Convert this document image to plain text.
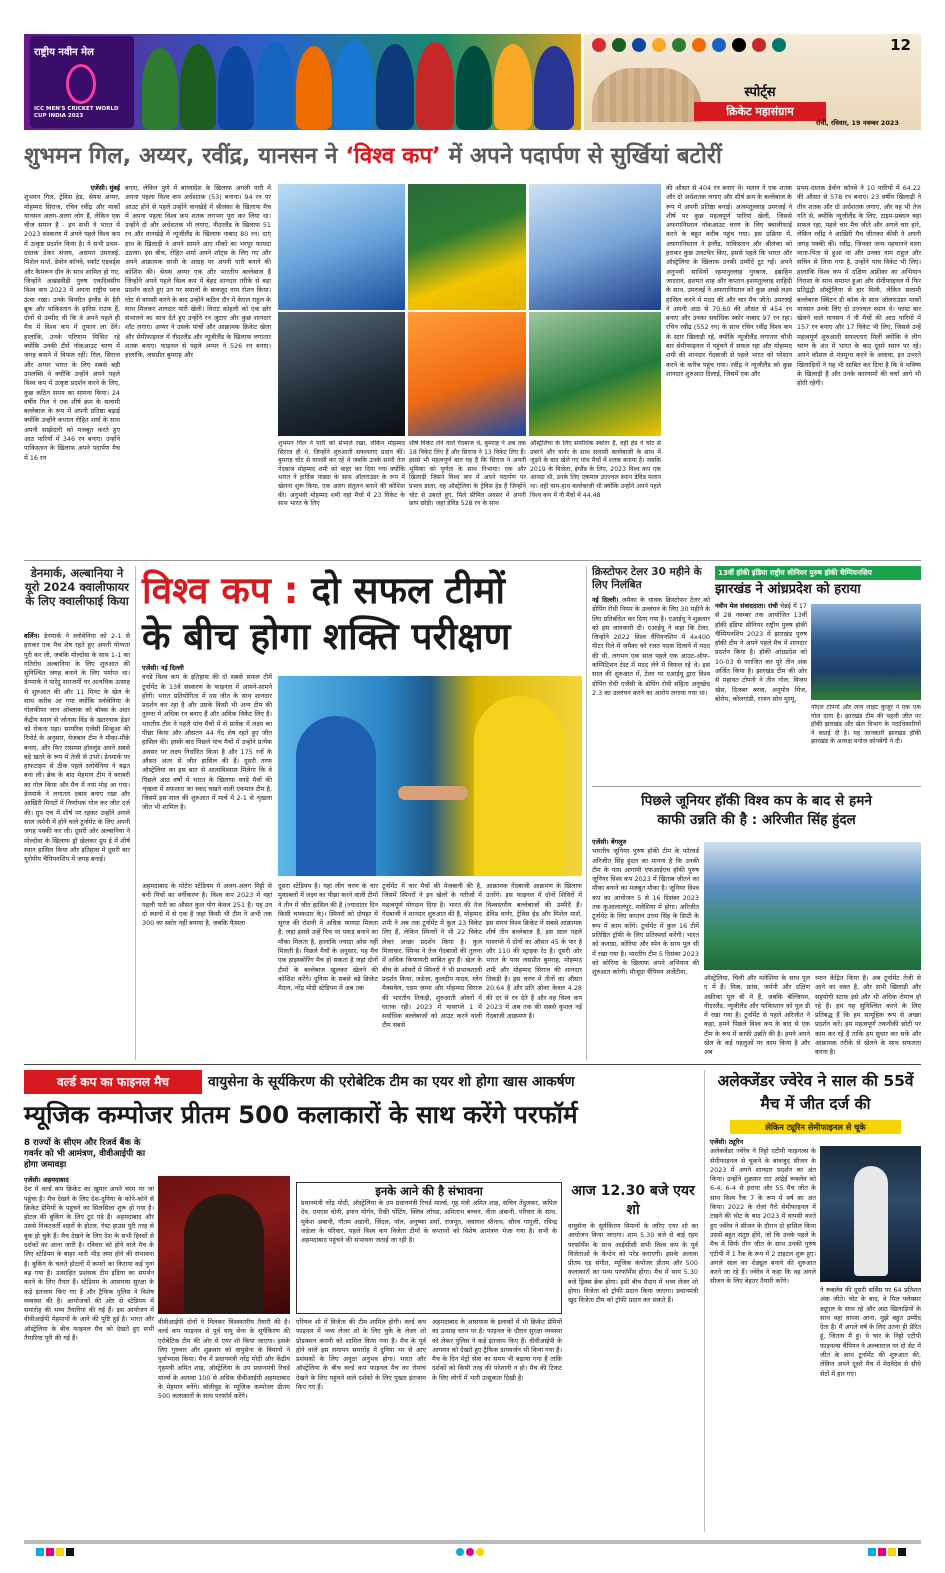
राष्ट्रीय नवीन मेल
ICC MEN'S CRICKET WORLD CUP INDIA 2023
12
स्पोर्ट्स
क्रिकेट महासंग्राम
रांची, रविवार, 19 नवम्बर 2023
शुभमन गिल, अय्यर, रवींद्र, यानसन ने ‘विश्व कप’ में अपने पदार्पण से सुर्खियां बटोरीं
एजेंसी। मुंबई
शुभमन गिल, ट्रेविस हेड, श्रेयस अय्यर, मोहम्मद सिराज, रचिन रवींद्र और मार्को यानसन अलग-अलग लोग हैं, लेकिन एक चीज समान है - इन सभी ने भारत में 2023 संस्करण में अपने पहले विश्व कप में उत्कृष्ट प्रदर्शन किया है। ये सभी प्रथम-दस्तक देकर संजय, असमत उमरजई, मिशेल मार्श, डेवोन कॉनवे, स्कॉट एडवर्ड्स और कैमरून ग्रीन के साथ शामिल हो गए, जिन्होंने अखंडवीडी पुरुष एकदिवसीय विश्व कप 2023 में अपना राष्ट्रीय ध्वज ऊंचा रखा। उनके विपरीत इंग्लैंड के हैरी ब्रूक और पाकिस्तान के हारिस राउफ हैं, दोनों से उम्मीद थी कि वे अपने पहले ही मैच में विश्व कप में तूफान ला देंगे। हालांकि, उनके परिणाम मिश्रित रहे क्योंकि उनकी टीमें नॉकआउट चरण में जगह बनाने में विफल रहीं। गिल, सिराज और अय्यर भारत के लिए सबसे बड़ी उपलब्धि थे क्योंकि उन्होंने अपने पहले विश्व कप में उत्कृष्ट प्रदर्शन करने के लिए, कुछ कठिन समय का सामना किया। 24 वर्षीय गिल ने एक शीर्ष क्रम के सलामी बल्लेबाज के रूप में अपनी प्रतिष्ठा बढ़ाई क्योंकि उन्होंने कप्तान रोहित शर्मा के साथ अपनी साझेदारी को मजबूत करते हुए आठ पारियों में 346 रन बनाए। उन्होंने पाकिस्तान के खिलाफ अपने पदार्पण मैच में 16 रन
बनाए, लेकिन पुणे में बांग्लादेश के खिलाफ अगली पारी में अपना पहला विश्व कप अर्धशतक (53) बनाया। 94 रन पर आउट होने से पहले उन्होंने वानखेड़े में श्रीलंका के खिलाफ मैच में अपना पहला विश्व कप शतक लगभग पूरा कर लिया था। उन्होंने दो और अर्धशतक भी लगाए, नीदरलैंड के खिलाफ 51 रन और वानखेड़े में न्यूजीलैंड के खिलाफ नाबाद 80 रन। दाएं हाथ के खिलाड़ी ने अपने सामने आए मौकों का भरपूर फायदा उठाया। इस बीच, रोहित शर्मा अपने शॉट्स के लिए गए और अपने आक्रामक साथी के आग्रह पर अपनी पारी बनाने की कोशिश की। श्रेयस अय्यर एक और भारतीय बल्लेबाज हैं जिन्होंने अपने पहले विश्व कप में बेहद शानदार तरीके से बड़ा प्रदर्शन करते हुए उन पर सवालों के बावजूद नाम रोशन किया। घोट से वापसी करने के बाद उन्होंने कठिन दौर में केएल राहुल के साथ मिलकर शानदार पारी खेली। विराट कोहली को एक छोर संभालने का साथ देते हुए उन्होंने रन जुटाए और कुछ शानदार शॉट लगाए। अय्यर ने उसके पांचों और आक्रामक क्रिकेट खेला और सेमीफाइनल में नीदरलैंड और न्यूजीलैंड के खिलाफ लगातार शतक बनाए। फाइनल से पहले अय्यर ने 526 रन बनाए। हालांकि, जसप्रीत बुमराह और
शुभमन गिल ने पारी को संभाले रखा, लेकिन मोहम्मद सिराज ही थे, जिन्होंने शुरुआती सफलताएं प्रदान कीं। बुमराह चोट से वापसी कर रहे थे जबकि उनके साथी तेज गेंदबाज मोहम्मद शमी को बाहर कर दिया गया क्योंकि भारत ने हार्दिक पांड्या के साथ ऑलराउंडर के रूप में खेलना शुरू किया, एक अलग संतुलन बनाने की कोशिश की। अनुभवी मोहम्मद शमी वहां मैचों में 23 विकेट के साथ भारत के लिए
शीर्ष विकेट लेने वाले गेंदबाज थे, बुमराह ने अब तक 18 विकेट लिए हैं और सिराज ने 13 विकेट लिए हैं। इससे भी महत्वपूर्ण बात यह है कि सिराज ने अपनी भूमिका को पूर्णता के साथ निभाया। एक और खिलाड़ी जिसने विश्व कप में अपने पदार्पण पर प्रभाव डाला, वह ऑस्ट्रेलिया के ट्रेविस हेड हैं जिन्होंने चोट से उबरते हुए, मिले सीमित अवसर में अपनी छाप छोड़ी। जहां डेविड 528 रन के साथ
ऑस्ट्रेलिया के लिए सर्वाधिक स्कोरर हैं, वहीं हेड ने चोट से उबरने और वार्नर के साथ सलामी बल्लेबाजी के साथ में जुड़ने के बाद खेले गए पांच मैचों में शतक बनाया है। जबकि 2019 के विजेता, इंग्लैंड के लिए, 2023 विश्व कप एक आपदा थी, उनके लिए एकमात्र उज्ज्वल स्थान डेविड मलान था। वही वाम-हाथ बल्लेबाजी थी क्योंकि उन्होंने अपने पहले विश्व कप में नौ मैचों में 44.48
की औसत से 404 रन बनाए थे। मलान ने एक शतक और दो अर्धशतक लगाए और शीर्ष क्रम के बल्लेबाज के रूप में अपनी प्रतिष्ठा बनाई। अजमतुल्लाह उमरजई ने शीर्ष पर कुछ महत्वपूर्ण पारियां खेलीं, जिससे अफगानिस्तान नॉकआउट चरण के लिए क्वालीफाई करने के बहुत करीब पहुंच गया। इस प्रक्रिया में, अफगानिस्तान ने इंग्लैंड, पाकिस्तान और श्रीलंका को हराकर कुछ उलटफेर किए, इससे पहले कि भारत और ऑस्ट्रेलिया के खिलाफ उनकी उम्मीदें टूट गईं। अपने अनुभवी साथियों रहमानुल्लाह गुरबाज, इब्राहिम जादरान, हशमत शाह और कप्तान हशमतुल्लाह शाहिदी के साथ, उमरजई ने अफगानिस्तान को कुछ अच्छे लक्ष्य हासिल करने में मदद की और चार मैच जीते। उमरजई ने अपनी आठ से 70.60 की औसत से 454 रन बनाए और उनका सर्वाधिक स्कोर नाबाद 97 रन रहा। रचिन रवींद्र (552 रन) के साथ रचिन रवींद्र विश्व कप के स्टार खिलाड़ी रहे, क्योंकि न्यूजीलैंड लगातार चौथी बार सेमीफाइनल में पहुंचने में सफल रहा और मोहम्मद शमी की शानदार गेंदबाजी से पहले भारत को परेशान करने के करीब पहुंच गया। रवींद्र ने न्यूजीलैंड को कुछ शानदार शुरुआत दिलाई, जिसमें एक और
प्रथम-दस्तक डेवोन कॉनवे ने 10 पारियों में 64.22 की औसत से 578 रन बनाए। 23 वर्षीय खिलाड़ी ने तीन शतक और दो अर्धशतक लगाए, और वह भी तेज गति से, क्योंकि न्यूजीलैंड के लिए, टाइम-प्रबंधन बहा सफल रहा, पहले चार मैच जीते और अगले चार हारे, लेकिन रवींद्र ने आखिरी मैच जीतकर कीवी ने अपनी जगह पक्की की। रवींद्र, जिनका जन्म पहचानने वाला माता-पिता से हुआ था और उनका नाम राहुल और सचिन से लिया गया है, उन्होंने पांच विकेट भी लिए। हालांकि विश्व कप में दक्षिण अफ्रीका का अभियान निराशा के साथ समाप्त हुआ और सेमीफाइनल में फिर प्रतिद्वंद्वी ऑस्ट्रेलिया से हार मिली, लेकिन सलामी बल्लेबाज क्विंटन डी कॉक के साथ ऑलराउंडर मार्को यानसन उनके लिए दो उज्ज्वल स्थान थे। फास्ट बार खेलने वाले यानसन ने नौ मैचों की आठ पारियों में 157 रन बनाए और 17 विकेट भी लिए, जिससे उन्हें महत्वपूर्ण शुरुआती सफलताएं मिलीं क्योंकि वे लीग चरण के अंत में भारत के बाद दूसरे स्थान पर रहे। अपने कौशल से मंत्रमुग्ध करने के अलावा, इन उभरते खिलाड़ियों ने यह भी साबित कर दिया है कि वे भविष्य के खिलाड़ी हैं और उनके कारनामों की चर्चा आगे भी होती रहेगी।
डेनमार्क, अल्बानिया ने यूरो 2024 क्वालीफायर के लिए क्वालीफाई किया
बर्लिन। डेनमार्क ने स्लोवेनिया को 2-1 से हराकर एक मैच शेष रहते हुए अपनी योग्यता पूरी कर ली, जबकि मोल्दोवा के साथ 1-1 का गतिरोध अल्बानिया के लिए शुरुआत की सुनिश्चित जगह बनाने के लिए पर्याप्त था। डेनमार्क ने पारेंदु सराजर्मी पर अत्यधिक उत्साह से शुरुआत की और 11 मिनट के खेल के साथ करीब आ गया क्योंकि स्लोवेनिया के गोलकीपर जान ओब्लाक को बॉक्स के अंदर केंद्रीय स्थान से जोनास विंड के खतरनाक हेडर को रोकना पड़ा। सामरिक एजेंसी शिन्हुआ की रिपोर्ट के अनुसार, मेजबान टीम ने मौका-मौके बनाए, और फिर रासमस हॉयलुंड अपने सबसे बड़े खतरे के रूप में तेजी से उभरे। डेनमार्क पर हाफटाइम से ठीक पहले स्लोवेनिया ने बढ़त बना ली। ब्रेक के बाद मेहमान टीम ने बराबरी का गोल किया और मैच में नया मोड़ आ गया। डेनमार्क ने लगातार दबाव बनाए रखा और आखिरी मिनटों में निर्णायक गोल कर जीत दर्ज की। ग्रुप एच में शीर्ष पर रहकर उन्होंने अगले साल जर्मनी में होने वाले टूर्नामेंट के लिए अपनी जगह पक्की कर ली। दूसरी ओर अल्बानिया ने मोल्दोवा के खिलाफ ड्रॉ खेलकर ग्रुप ई में शीर्ष स्थान हासिल किया और इतिहास में दूसरी बार यूरोपीय चैंपियनशिप में जगह बनाई।
विश्व कप : दो सफल टीमों
के बीच होगा शक्ति परीक्षण
एजेंसी। नई दिल्ली
वनडे विश्व कप के इतिहास की दो सबसे सफल टीमें टूर्नामेंट के 13वें संस्करण के फाइनल में आमने-सामने होंगी। भारत प्रतियोगिता में दस जीत के साथ शानदार प्रदर्शन कर रहा है और उसके किसी भी अन्य टीम की तुलना में अधिक रन बनाए हैं और अधिक विकेट लिए हैं। भारतीय टीम ने पहले पांच मैचों में से प्रत्येक में लक्ष्य का पीछा किया और औसतन 44 गेंद शेष रहते हुए जीत हासिल की। इसके बाद पिछले पांच मैचों में उन्होंने प्रत्येक अवसर पर लक्ष्य निर्धारित किया है और 175 रनों के औसत अंतर से जीत हासिल की है। दूसरी तरफ ऑस्ट्रेलिया का इस बात से आत्मविश्वास मिलेगा कि वे पिछले आठ वर्षों में भारत के खिलाफ वनडे मैचों की शृंखला में सफलता का स्वाद चखने वाली एकमात्र टीम है, जिसमें इस साल की शुरुआत में मार्च में 2-1 से शृंखला जीत भी शामिल है।
अहमदाबाद के मोटेरा स्टेडियम में अलग-अलग मिट्टी से बनी पिचों का वर्गीकरण है। विश्व कप 2023 में यहां पहली पारी का औसत कुल योग केवल 251 है। यह उन दो स्थानों में से एक है जहां किसी भी टीम ने अभी तक 300 का स्कोर नहीं बनाया है, जबकि फैसला
दूसरा स्टेडियम है। यहां लीग चरण के चार मुकाबलों में लक्ष्य का पीछा करने वाली टीमों ने तीन में जीत हासिल की है (ज्यादातर दिन किसी चमकदार के)। स्पिनरों को दोपहर में सूरज की रोशनी में अधिक फायदा मिलता है, जहां इससे उन्हें पिच पर पकड़ बनाने का मौका मिलता है, हालांकि ज्यादा ओस नहीं मिलती है। पिछले मैचों के अनुसार, यह मैच एक हाइस्कोरिंग मैच हो सकता है जहां दोनों टीमों के बल्लेबाज खुलकर खेलने की कोशिश करेंगे। दुनिया के सबसे बड़े क्रिकेट मैदान, नरेंद्र मोदी स्टेडियम में अब तक
टूर्नामेंट में चार मैचों की मेजबानी की है, जिसमें स्पिनरों ने इन खेलों के नतीजों में महत्वपूर्ण योगदान दिया है। भारत की तेज गेंदबाजी ने शानदार शुरुआत की है, मोहम्मद शमी ने अब तक टूर्नामेंट में कुल 23 विकेट लिए हैं, लेकिन स्पिनरों ने भी 22 विकेट लेकर अच्छा प्रदर्शन किया है। कुल मिलाकर, स्पिन्स ने तेज गेंदबाजों की तुलना में अधिक किफायती साबित हुए हैं। खेल के बीच के ओवरों में स्पिनरों ने भी प्रभावशाली प्रदर्शन किया, जडेजा, कुलदीप यादव, ग्लेन मैक्सवेल, एडम ज़म्पा और मोहम्मद सिराज की भारतीय तिकड़ी, शुरुआती ओवरों में घातक रही। 2023 में पावरप्ले 1 में सर्वाधिक बल्लेबाजों को आउट करने वाली टीम सबसे
आक्रामक गेंदबाजी आक्रमण के खिलाफ उतरेंगे। इस फाइनल में दोनों शिविरों में विश्वस्तरीय बल्लेबाजों की उम्मीदें हैं। डेविड वार्नर, ट्रेविस हेड और मिशेल मार्श, इस समय विश्व क्रिकेट में सबसे आक्रामक शीर्ष तीन बल्लेबाज हैं, इस साल पहले पावरप्ले में दोनों का औसत 45 के पार है और 110 की स्ट्राइक रेट है। दूसरी ओर भारत के पास जसप्रीत बुमराह, मोहम्मद शमी और मोहम्मद सिराज की शानदार तिकड़ी है। इस चरण में तीनों का औसत 20.64 है और प्रति ओवर केवल 4.28 की दर से रन देते हैं और वह विश्व कप 2023 में अब तक की सबसे कुशल नई गेंदबाजी आक्रमण है।
क्रिस्टोफर टेलर 30 महीने के लिए निलंबित
नई दिल्ली। जमैका के धावक क्रिस्टोफर टेलर को डोपिंग रोधी नियम के उल्लंघन के लिए 30 महीने के लिए प्रतिबंधित कर दिया गया है। एआईयू ने शुक्रवार को इस जानकारी दी। एआईयू ने कहा कि टेलर, जिन्होंने 2022 विश्व चैंपियनशिप में 4x400 मीटर रिले में जमैका को रजत पदक दिलाने में मदद की थी, लगभग एक साल पहले एक आउट-ऑफ-कम्पिटिशन टेस्ट में मदद लेने में विफल रहे थे। इस साल की शुरुआत में, टेलर पर एआईयू द्वारा विश्व डोपिंग रोधी एजेंसी के डोपिंग रोधी संहिता अनुच्छेद 2.3 का उल्लंघन करने का आरोप लगाया गया था।
13वीं हॉकी इंडिया राष्ट्रीय सीनियर पुरुष हॉकी चैम्पियनशिप
झारखंड ने आंध्रप्रदेश को हराया
नवीन मेल संवाददाता। रांची चेन्नई में 17 से 28 नवम्बर तक आयोजित 13वीं हॉकी इंडिया सीनियर राष्ट्रीय पुरुष हॉकी चैम्पियनशिप 2023 में झारखंड पुरुष हॉकी टीम ने अपने पहले मैच में शानदार प्रदर्शन किया है। हॉकी आंध्रप्रदेश को 10-03 से पराजित कर पूरे तीन अंक अर्जित किया है। झारखंड टीम की ओर से महावत टोपनो ने तीन गोल, विजय खेस, दिलबर बरवा, अनूपोत्र मिंज, बोरोम, कोलगांडी, राजन सोय मुरमू,
नोएल टोपनो और लाय लाइट कुजूर ने एक एक गोल दागा है। झारखंड टीम की पहली जीत पर हॉकी झारखंड और खेल विभाग के पदाधिकारियों ने बधाई दी है। यह जानकारी झारखंड हॉकी झारखंड के अध्यक्ष मनोज कोनबेगी ने दी।
पिछले जूनियर हॉकी विश्व कप के बाद से हमने
काफी उन्नति की है : अरिजीत सिंह हुंदल
एजेंसी। बेंगलुरु
भारतीय जूनियर पुरुष हॉकी टीम के फॉरवर्ड अरिजीत सिंह हुंदल का मानना है कि उनकी टीम के पास आगामी एफआईएच हॉकी पुरुष जूनियर विश्व कप 2023 में खिताब जीतने का मौका बनाने का मजबूत मौका है। जूनियर विश्व कप का आयोजन 5 से 16 दिसंबर 2023 तक कुआलालंपुर, मलेशिया में होगा। अरिजीत टूर्नामेंट के लिए कप्तान उत्तम सिंह के डिप्टी के रूप में काम करेंगे। टूर्नामेंट में कुल 16 टीमें प्रतिष्ठित ट्रॉफी के लिए प्रतिस्पर्धा करेंगी। भारत को कनाडा, कोरिया और स्पेन के साथ पूल सी में रखा गया है। भारतीय टीम 5 दिसंबर 2023 को कोरिया के खिलाफ अपने अभियान की शुरुआत करेगी। मौजूदा चैंपियन अर्जेंटीना,
ऑस्ट्रेलिया, चिली और मलेशिया के साथ पूल ए में हैं। मिस्र, फ्रांस, जर्मनी और दक्षिण अफ्रीका पूल बी में हैं, जबकि बेल्जियम, नीदरलैंड, न्यूजीलैंड और पाकिस्तान को पूल डी में रखा गया है। टूर्नामेंट से पहले अरिजीत ने कहा, हमने पिछले विश्व कप के बाद से एक टीम के रूप में काफी उन्नति की है। हमने अपने खेल के कई पहलुओं पर काम किया है और अब
ध्यान केंद्रित किया है। अब टूर्नामेंट तेजी से आने का वक्त है, और सभी खिलाड़ी और सहयोगी स्टाफ इसे और भी अधिक रोमांच हो रहे हैं। हम यह सुनिश्चित करने के लिए प्रतिबद्ध हैं कि हम सामूहिक रूप से अच्छा प्रदर्शन करें। हम महत्वपूर्ण तकनीकी छोटी पर काम कर रहे हैं ताकि हम सुधार कर सकें और आक्रामक तरीके से खेलने के साथ सफलता करना है।
वर्ल्ड कप का फाइनल मैच	वायुसेना के सूर्यकिरण की एरोबेटिक टीम का एयर शो होगा खास आकर्षण
म्यूजिक कम्पोजर प्रीतम 500 कलाकारों के साथ करेंगे परफॉर्म
8 राज्यों के सीएम और रिजर्व बैंक के गवर्नर को भी आमंत्रण, वीवीआईपी का होगा जमावड़ा
एजेंसी। अहमदाबाद
देश में वर्ल्ड कप क्रिकेट का खुमार अपने चरम पर जा पहुंचा है। मैच देखने के लिए देश-दुनिया के कोने-कोने से क्रिकेट प्रेमियों के पहुंचने का सिलसिला शुरू हो गया है। होटल की बुकिंग के लिए टूट पड़े हैं। अहमदाबाद और उससे निकटवर्ती शहरों के होटल, गेस्ट हाउस पूरी तरह से बुक हो चुके हैं। मैच देखने के लिए देश के सभी हिस्सों से दर्शकों का आना जारी है। रविवार को होने वाले मैच के लिए स्टेडियम के बाहर भारी भीड़ जमा होने की संभावना है। बुकिंग के चलते होटलों में कमरों का किराया कई गुना बढ़ गया है। उत्साहित प्रशंसक टीम इंडिया का समर्थन करने के लिए तैयार हैं। स्टेडियम के आसपास सुरक्षा के कड़े इंतजाम किए गए हैं और ट्रैफिक पुलिस ने विशेष व्यवस्था की है। आयोजकों की ओर से स्टेडियम में समारोह की भव्य तैयारियां की गई हैं। इस आयोजन में वीवीआईपी मेहमानों के आने की पुष्टि हुई है। भारत और ऑस्ट्रेलिया के बीच फाइनल मैच को देखते हुए सभी तैयारियां पूरी की गई हैं।
वीवीआईपी दोनों ने मिलकर विश्वस्तरीय तैयारी की है। वर्ल्ड कप फाइनल से पूर्व वायु सेना के सूर्यकिरण की एरोबेटिक टीम की ओर से एयर शो किया जाएगा। इसके लिए गुरुवार और शुक्रवार को वायुसेना के विमानों ने पूर्वाभ्यास किया। मैच में प्रधानमंत्री नरेंद्र मोदी और केंद्रीय गृहमंत्री अमित शाह, ऑस्ट्रेलिया के उप प्रधानमंत्री रिचर्ड मार्ल्स के अलावा 100 से अधिक वीवीआईपी अहमदाबाद के मेहमान बनेंगे। बॉलीवुड के म्यूजिक कम्पोजर प्रीतम 500 कलाकारों के साथ परफॉर्म करेंगे।
इनके आने की है संभावना
प्रधानमंत्री नरेंद्र मोदी, ऑस्ट्रेलिया के उप प्रधानमंत्री रिचर्ड मार्ल्स, गृह मंत्री अमित शाह, सचिन तेंदुलकर, कपिल देव, एमएस धोनी, इयान मोर्गन, रिकी पोंटिंग, क्लिव लॉयड, अमिताभ बच्चन, नीता अंबानी, परिवार के साथ, मुकेश अंबानी, गौतम अडानी, जिंदल, पॉल, अनुष्का शर्मा, राजपूत, जवागल श्रीनाथ, सौरव गांगुली, रविन्द्र जडेजा के परिवार, पहले विश्व कप विजेता टीमों के कप्तानों को विशेष आमंत्रण भेजा गया है। सभी के अहमदाबाद पहुंचने की संभावना जताई जा रही है।
एरियल शो में विजेता की टीम शामिल होगी। वर्ल्ड कप फाइनल में भव्य लेजर शो के लिए चुके के लेजर शो प्रोडक्शन कंपनी को शामिल किया गया है। मैच के पूर्व होने वाले इस समापन समारोह में दुनिया भर से आए प्रशंसकों के लिए अनूठा अनुभव होगा। भारत और ऑस्ट्रेलिया के बीच वर्ल्ड कप फाइनल मैच का रोमांच देखने के लिए पहुंचने वाले दर्शकों के लिए पुख्ता इंतजाम किए गए हैं।
अहमदाबाद के आसपास के इलाकों में भी क्रिकेट प्रेमियों का उत्साह चरम पर है। फाइनल के दौरान सुरक्षा व्यवस्था को लेकर पुलिस ने कड़े इंतजाम किए हैं। वीवीआईपी के आगमन को देखते हुए ट्रैफिक डायवर्जन भी किया गया है। मैच के दिन मेट्रो सेवा का समय भी बढ़ाया गया है ताकि दर्शकों को किसी तरह की परेशानी न हो। मैच की टिकट के लिए लोगों में भारी उत्सुकता दिखी है।
आज 12.30 बजे एयर शो
वायुसेना के सूर्यकिरण विमानों के जरिए एयर शो का आयोजन किया जाएगा। शाम 5.30 बजे से बाई रहम परफॉर्मेंस के साथ आईसीसी सभी विश्व कप के पूर्व विजेताओं के कैप्टेन को परेड कराएगी। इसके अलावा प्रीतम एंड संगीत, म्यूजिक कंपोजर प्रीतम और 500 कलाकारों का भव्य परफॉर्मेंस होगा। मैच में सायं 5.30 बजे ड्रिंक्स ब्रेक होगा। इसी बीच मैदान में भव्य लेजर शो होगा। विजेता को ट्रॉफी प्रदान किया जाएगा। प्रधानमंत्री खुद विजेता टीम को ट्रॉफी प्रदान कर सकते हैं।
अलेक्जेंडर ज्वेरेव ने साल की 55वें मैच में जीत दर्ज की
लेकिन ट्यूरिन सेमीफाइनल से चूके
एजेंसी। ट्यूरिन
अलेक्जेंडर ज्वेरेव ने निट्टो एटीपी फाइनल्स के सेमीफाइनल से चूकने के बावजूद सीजन के 2023 में अपने शानदार प्रदर्शन का अंत किया। उन्होंने शुक्रवार रात आंद्रेई रूबलेव को 6-4, 6-4 से हराया और 55 मैच जीत के साथ विश्व रैंक 7 के रूप में वर्ष का अंत किया। 2022 के रोलां गैरो सेमीफाइनल में टखने की चोट के बाद 2023 में वापसी करते हुए ज्वेरेव ने सीजन के दौरान दो हासिल किया उससे बहुत संतुष्ट होंगे, जो कि उनके पहले के मैच में सिर्फ तीन जीत के साथ उनकी पुरुष एटीपी में 1 रैंक के रूप में 2 टाइटल शुरू हुए। अगले साल का शेड्यूल बनाने की शुरुआत करने जा रहे हैं। ज्वेरेव ने कहा कि वह अगले सीजन के लिए बेहतर तैयारी करेंगे।
ने रूबलेव की दूसरी सर्विस पर 64 प्रतिशत अंक जीते। चोट के बाद, वे मिल फ्लेक्सर ड्यूएल के साथ रहे और आठ खिलाड़ियों के साथ वहां वापस आना, मुझे बहुत उम्मीद देता है। मैं अगले वर्ष के लिए उतना ही प्रेरित हूं, जितना मैं हूं। ये चार के निट्टो एटीपी फाइनल्स चैंपियन ने अल्काराज पर दो सेट में जीत के साथ टूर्नामेंट की शुरुआत की, लेकिन अपने दूसरे मैच में मेदवेदेव से सीधे सेटों में हार गए।
